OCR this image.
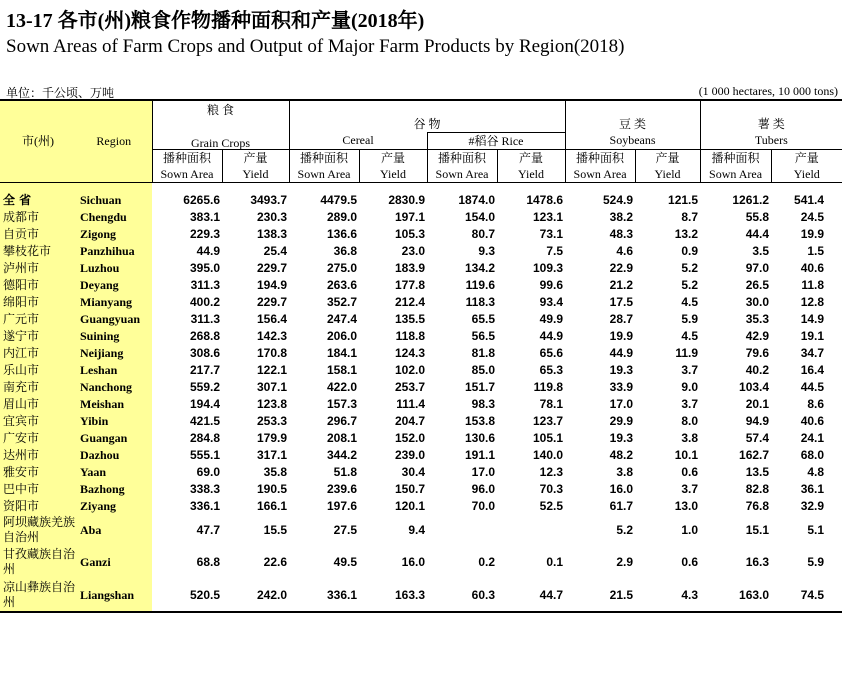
13-17 各市(州)粮食作物播种面积和产量(2018年)
Sown Areas of Farm Crops and Output of Major Farm Products by Region(2018)
单位：千公顷、万吨	(1 000 hectares, 10 000 tons)
市(州)	Region	粮 食		谷 物				豆 类		薯 类	

		Grain Crops		Cereal		#稻谷 Rice		Soybeans		Tubers	
		播种面积	产量	播种面积	产量	播种面积	产量	播种面积	产量	播种面积	产量
		Sown Area	Yield	Sown Area	Yield	Sown Area	Yield	Sown Area	Yield	Sown Area	Yield

全 省	Sichuan	6265.6	3493.7	4479.5	2830.9	1874.0	1478.6	524.9	121.5	1261.2	541.4
成都市	Chengdu	383.1	230.3	289.0	197.1	154.0	123.1	38.2	8.7	55.8	24.5
自贡市	Zigong	229.3	138.3	136.6	105.3	80.7	73.1	48.3	13.2	44.4	19.9
攀枝花市	Panzhihua	44.9	25.4	36.8	23.0	9.3	7.5	4.6	0.9	3.5	1.5
泸州市	Luzhou	395.0	229.7	275.0	183.9	134.2	109.3	22.9	5.2	97.0	40.6
德阳市	Deyang	311.3	194.9	263.6	177.8	119.6	99.6	21.2	5.2	26.5	11.8
绵阳市	Mianyang	400.2	229.7	352.7	212.4	118.3	93.4	17.5	4.5	30.0	12.8
广元市	Guangyuan	311.3	156.4	247.4	135.5	65.5	49.9	28.7	5.9	35.3	14.9
遂宁市	Suining	268.8	142.3	206.0	118.8	56.5	44.9	19.9	4.5	42.9	19.1
内江市	Neijiang	308.6	170.8	184.1	124.3	81.8	65.6	44.9	11.9	79.6	34.7
乐山市	Leshan	217.7	122.1	158.1	102.0	85.0	65.3	19.3	3.7	40.2	16.4
南充市	Nanchong	559.2	307.1	422.0	253.7	151.7	119.8	33.9	9.0	103.4	44.5
眉山市	Meishan	194.4	123.8	157.3	111.4	98.3	78.1	17.0	3.7	20.1	8.6
宜宾市	Yibin	421.5	253.3	296.7	204.7	153.8	123.7	29.9	8.0	94.9	40.6
广安市	Guangan	284.8	179.9	208.1	152.0	130.6	105.1	19.3	3.8	57.4	24.1
达州市	Dazhou	555.1	317.1	344.2	239.0	191.1	140.0	48.2	10.1	162.7	68.0
雅安市	Yaan	69.0	35.8	51.8	30.4	17.0	12.3	3.8	0.6	13.5	4.8
巴中市	Bazhong	338.3	190.5	239.6	150.7	96.0	70.3	16.0	3.7	82.8	36.1
资阳市	Ziyang	336.1	166.1	197.6	120.1	70.0	52.5	61.7	13.0	76.8	32.9
阿坝藏族羌族自治州	Aba	47.7	15.5	27.5	9.4			5.2	1.0	15.1	5.1
甘孜藏族自治州	Ganzi	68.8	22.6	49.5	16.0	0.2	0.1	2.9	0.6	16.3	5.9
凉山彝族自治州	Liangshan	520.5	242.0	336.1	163.3	60.3	44.7	21.5	4.3	163.0	74.5
